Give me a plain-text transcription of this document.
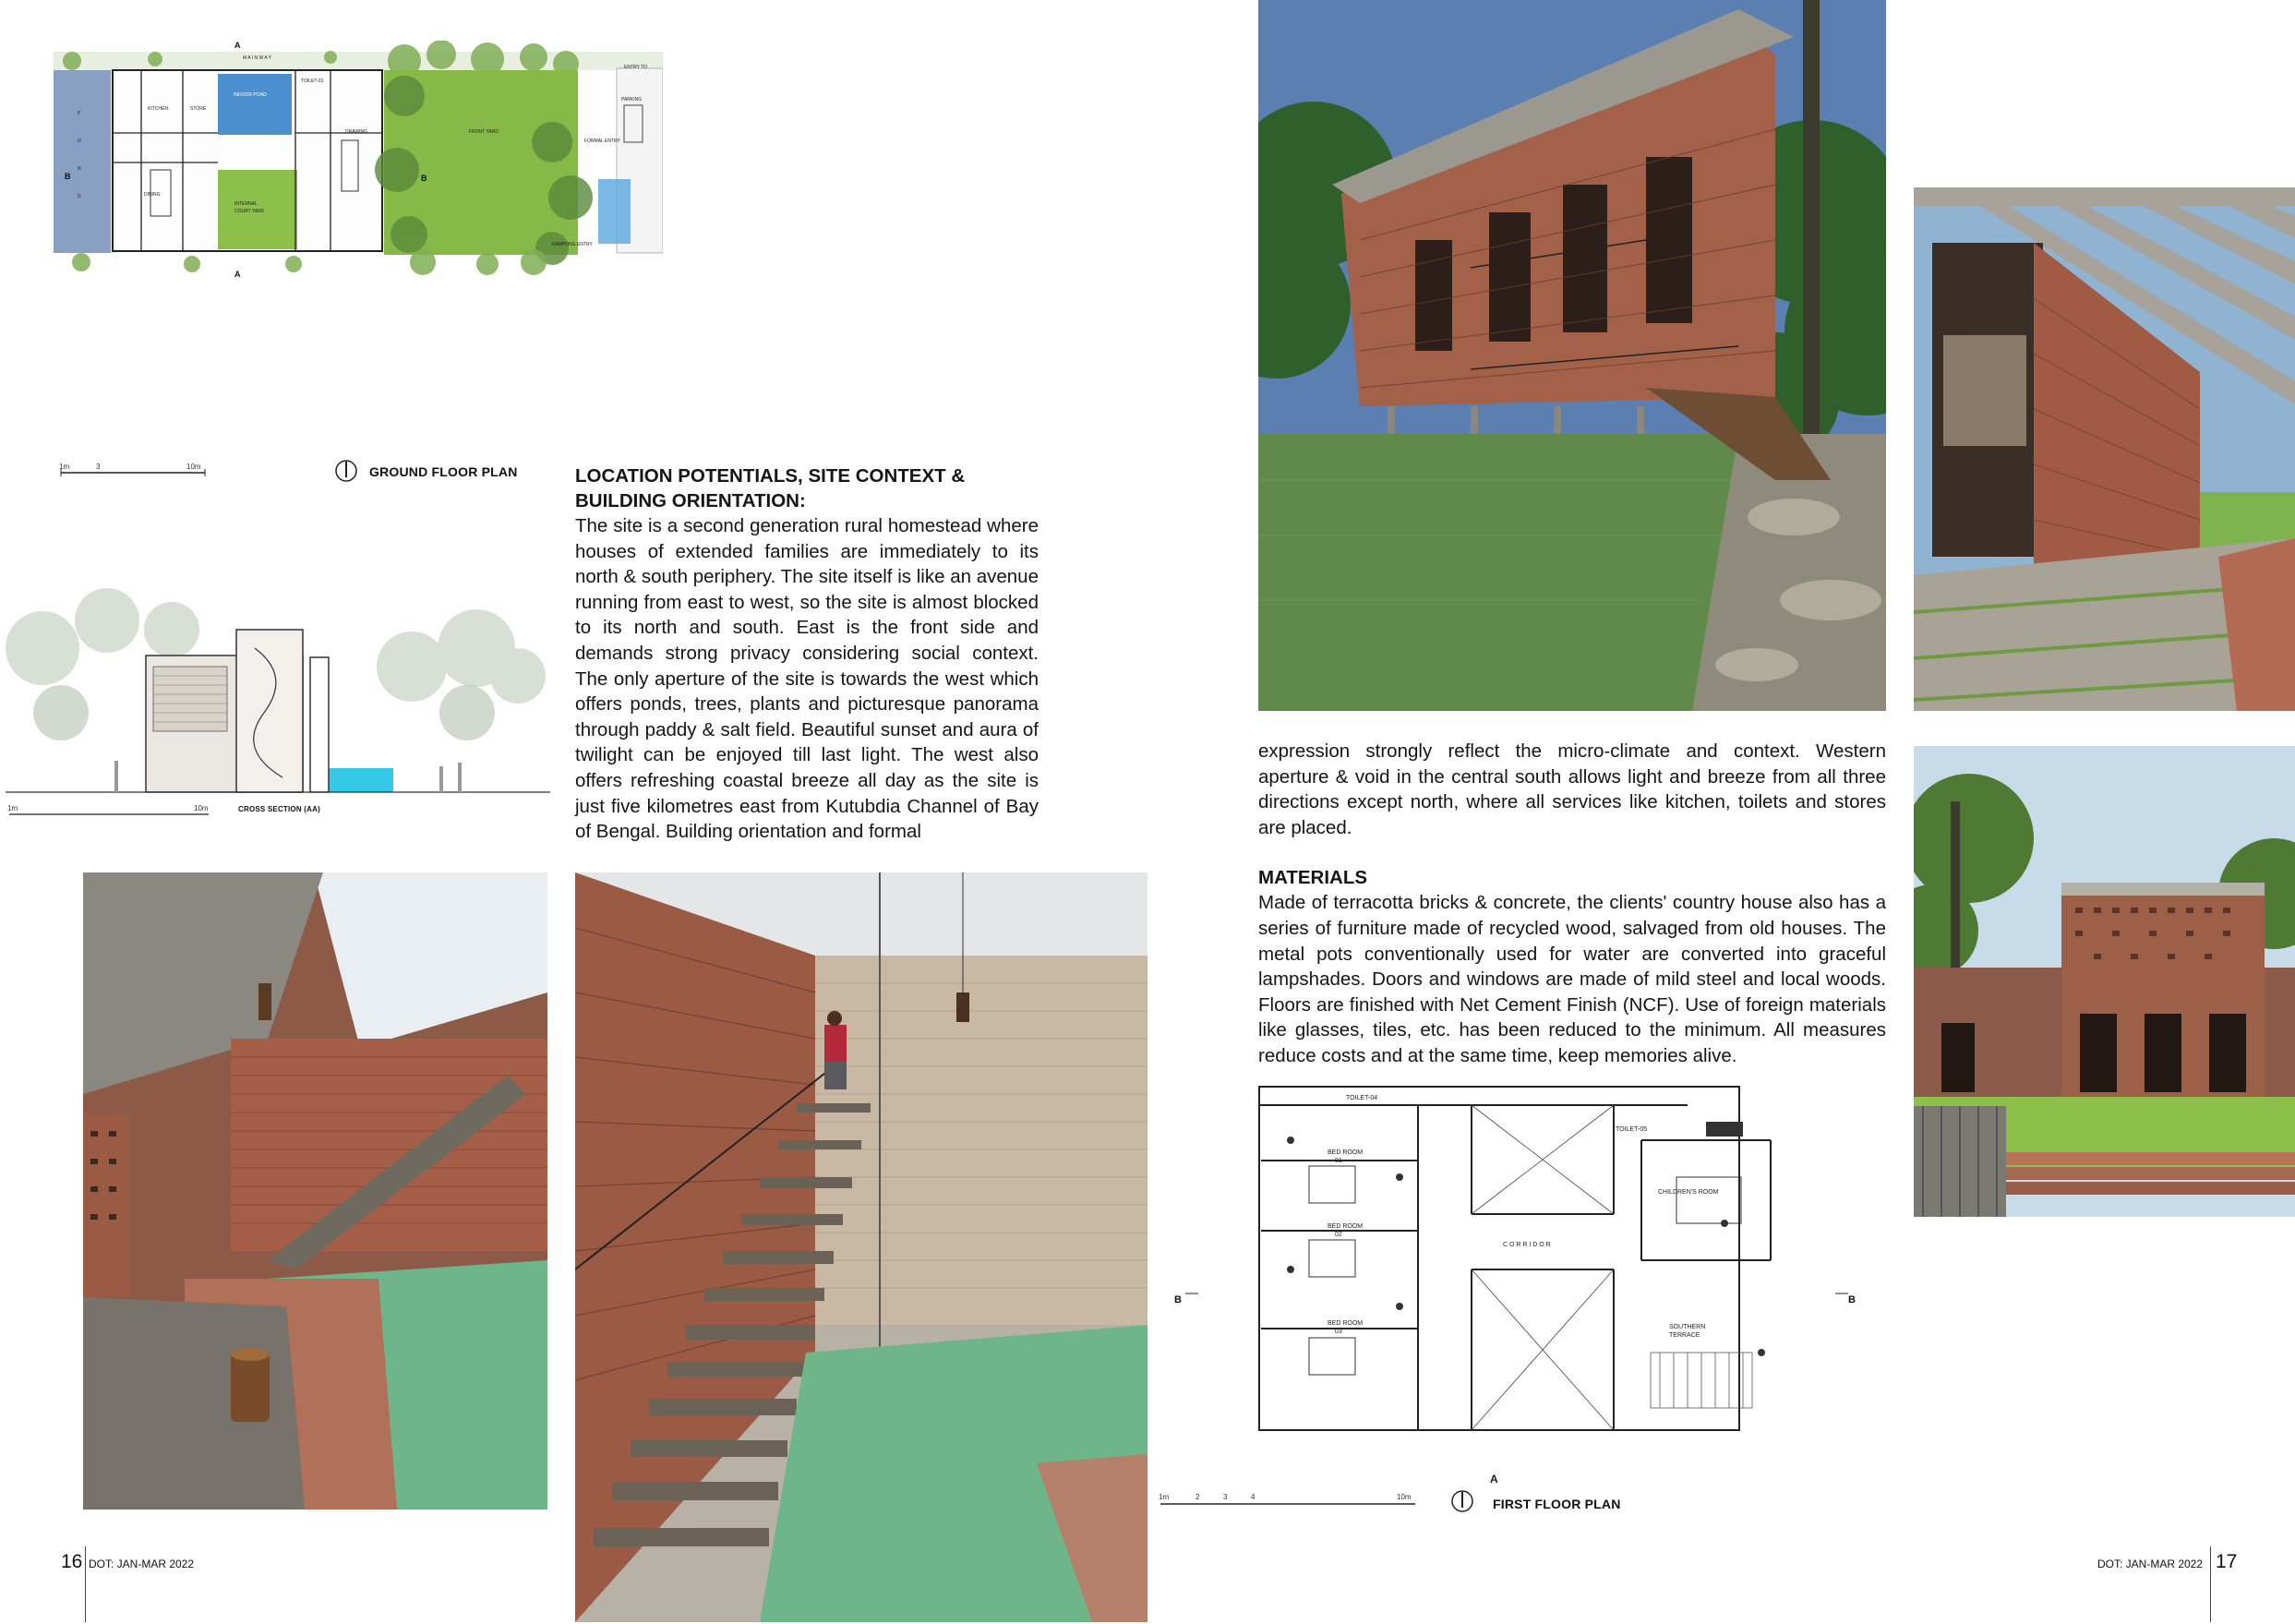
M A I N W A Y
P
O
N
D
KITCHEN	STORE
INDOOR POND
TOILET-01
DINING
INTERNAL
COURT YARD
FRONT YARD
DRAWING
ENTRY TO
PARKING
FORMAL ENTRY
KAMPONG ENTRY
A
B	B
A
1m	3	10m	GROUND FLOOR PLAN
1m	10m	CROSS SECTION (AA)
LOCATION POTENTIALS, SITE CONTEXT & BUILDING ORIENTATION:
The site is a second generation rural homestead where houses of extended families are immediately to its north & south periphery. The site itself is like an avenue running from east to west, so the site is almost blocked to its north and south. East is the front side and demands strong privacy considering social context. The only aperture of the site is towards the west which offers ponds, trees, plants and picturesque panorama through paddy & salt field. Beautiful sunset and aura of twilight can be enjoyed till last light. The west also offers refreshing coastal breeze all day as the site is just five kilometres east from Kutubdia Channel of Bay of Bengal. Building orientation and formal
16 DOT: JAN-MAR 2022
expression strongly reflect the micro-climate and context. Western aperture & void in the central south allows light and breeze from all three directions except north, where all services like kitchen, toilets and stores are placed.
MATERIALS
Made of terracotta bricks & concrete, the clients' country house also has a series of furniture made of recycled wood, salvaged from old houses. The metal pots conventionally used for water are converted into graceful lampshades. Doors and windows are made of mild steel and local woods. Floors are finished with Net Cement Finish (NCF). Use of foreign materials like glasses, tiles, etc. has been reduced to the minimum. All measures reduce costs and at the same time, keep memories alive.
TOILET-04
BED ROOM
01
BED ROOM
02
BED ROOM
03
TOILET-05
CHILDREN'S ROOM
C O R R I D O R
SOUTHERN
TERRACE
B	B
1m	2	3	4	10m
A
FIRST FLOOR PLAN
DOT: JAN-MAR 2022 17
